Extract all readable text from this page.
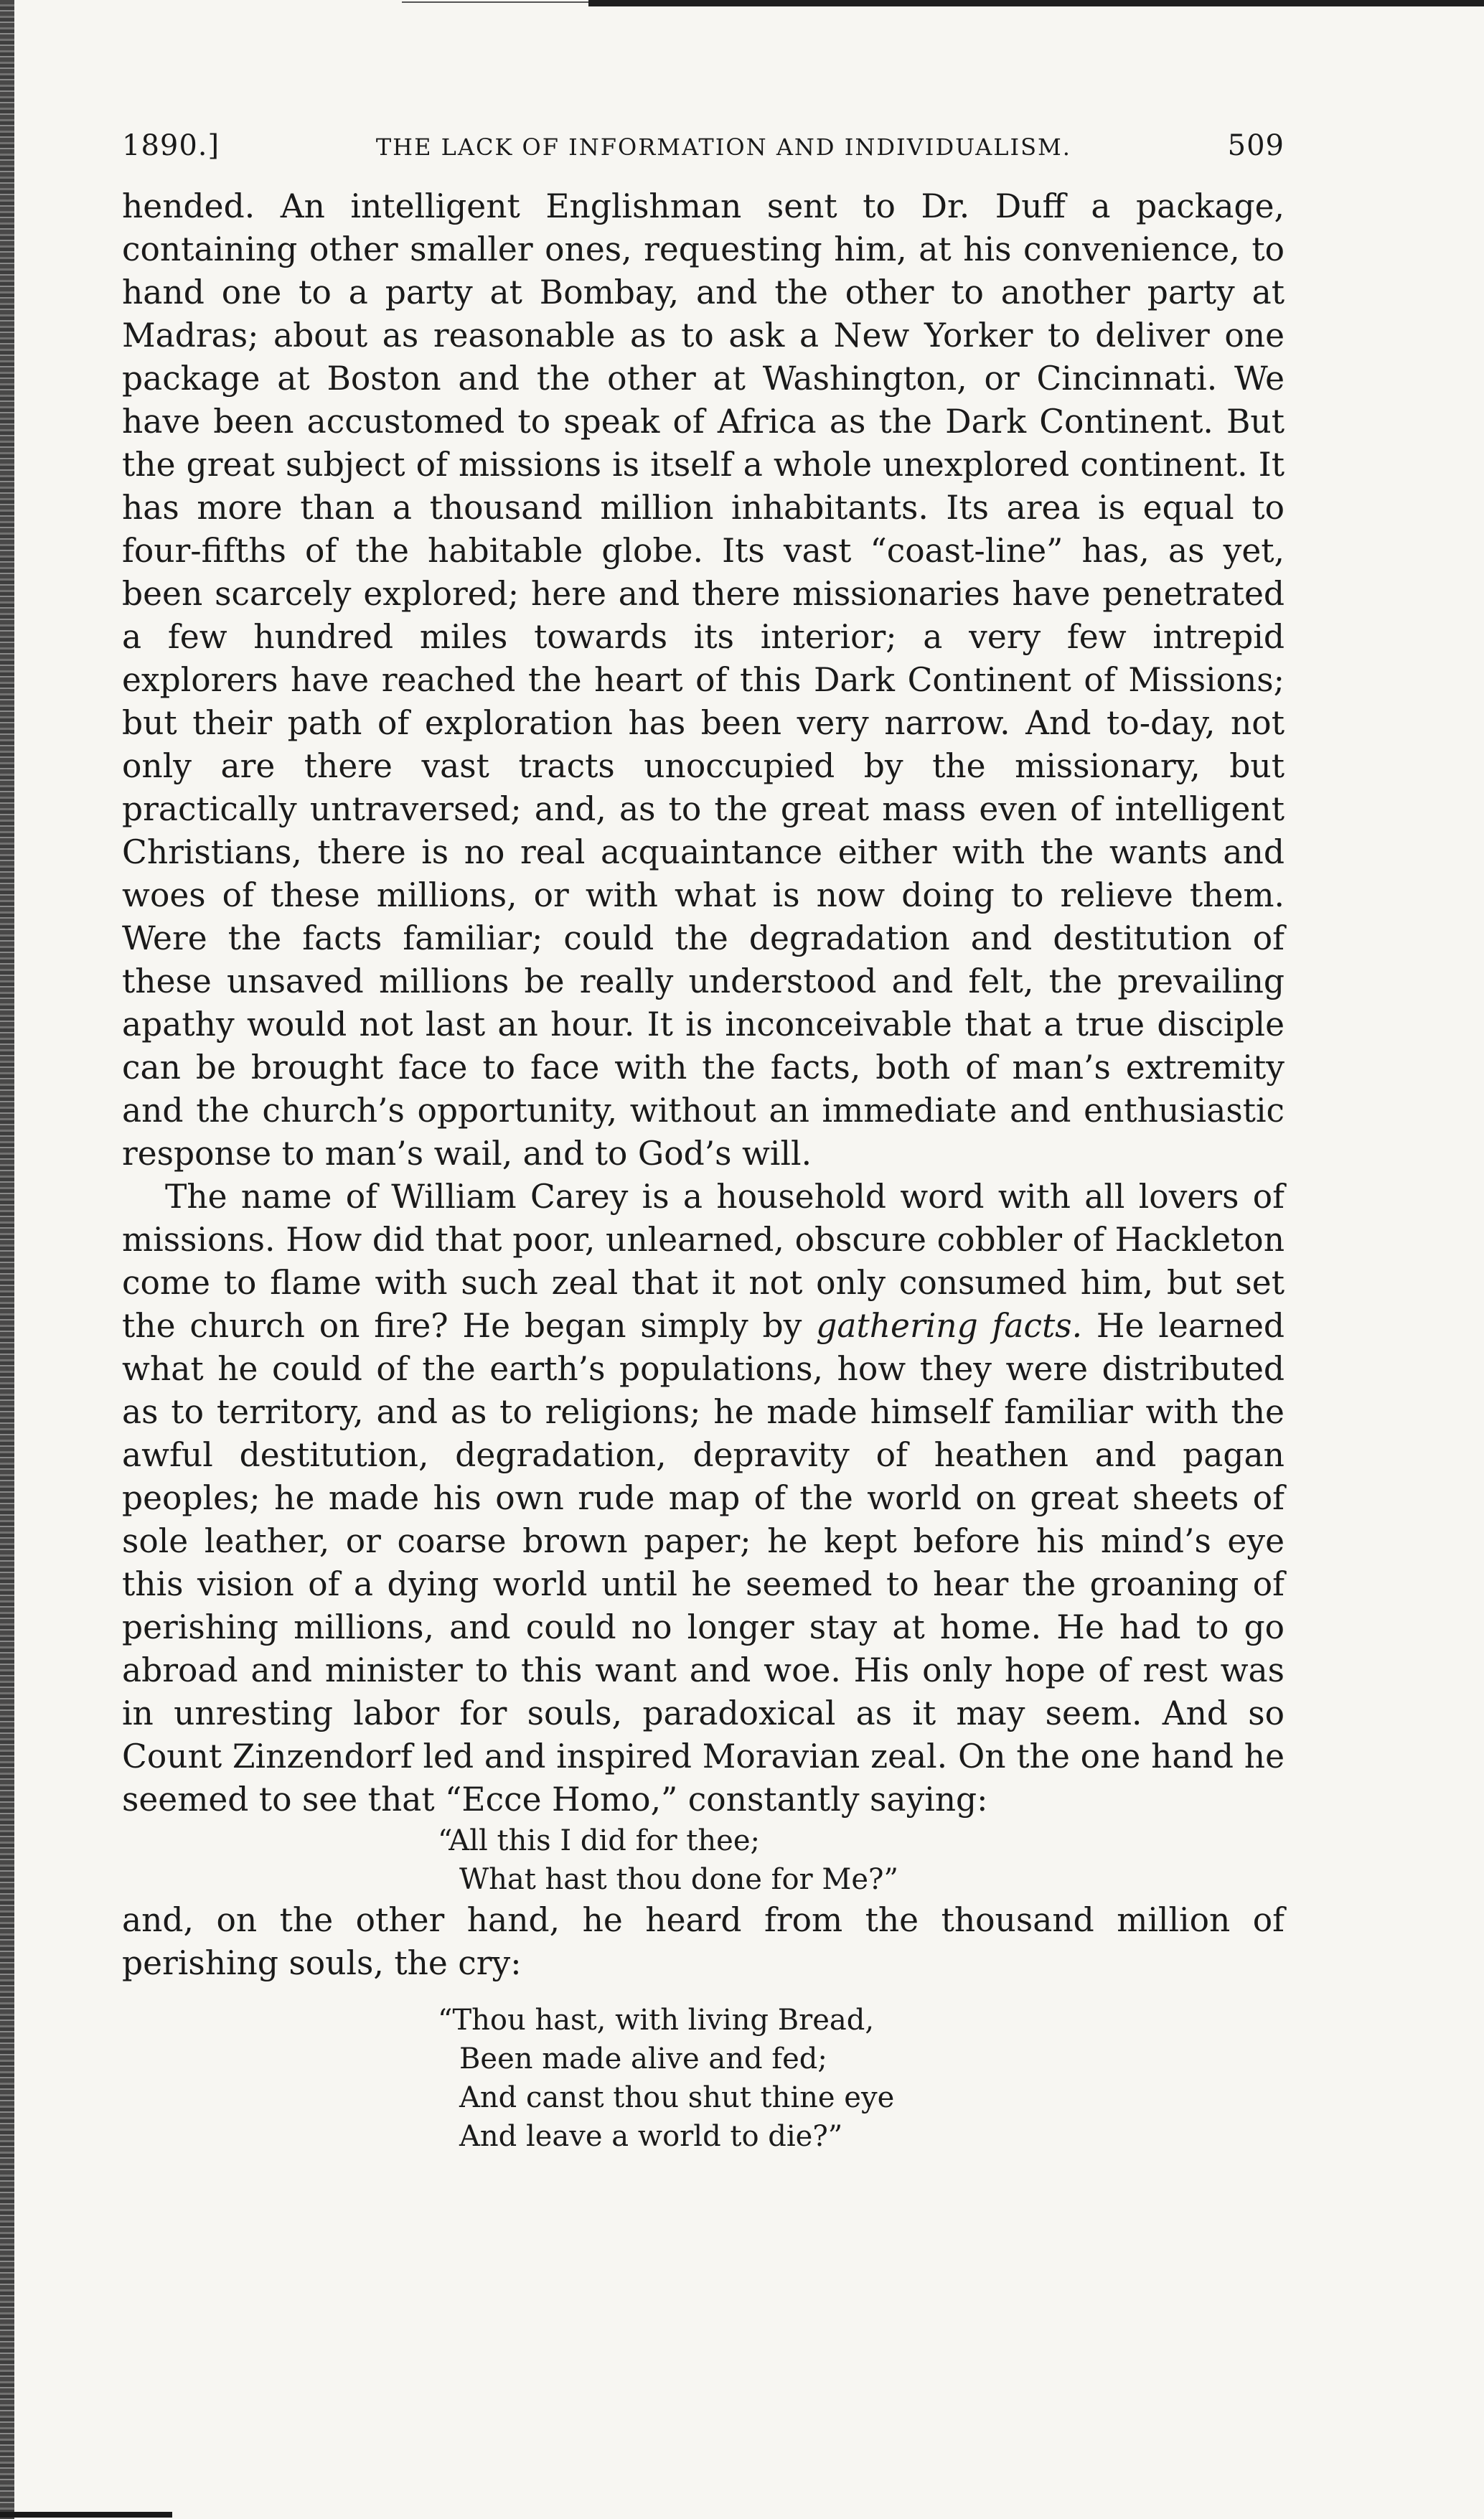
1890.]	THE LACK OF INFORMATION AND INDIVIDUALISM.	509

hended. An intelligent Englishman sent to Dr. Duff a package, containing other smaller ones, requesting him, at his convenience, to hand one to a party at Bombay, and the other to another party at Madras; about as reasonable as to ask a New Yorker to deliver one package at Boston and the other at Washington, or Cincinnati. We have been accustomed to speak of Africa as the Dark Continent. But the great subject of missions is itself a whole unexplored continent. It has more than a thousand million inhabitants. Its area is equal to four-fifths of the habitable globe. Its vast “coast-line” has, as yet, been scarcely explored; here and there missionaries have penetrated a few hundred miles towards its interior; a very few intrepid explorers have reached the heart of this Dark Continent of Missions; but their path of exploration has been very narrow. And to-day, not only are there vast tracts unoccupied by the missionary, but practically untraversed; and, as to the great mass even of intelligent Christians, there is no real acquaintance either with the wants and woes of these millions, or with what is now doing to relieve them. Were the facts familiar; could the degradation and destitution of these unsaved millions be really understood and felt, the prevailing apathy would not last an hour. It is inconceivable that a true disciple can be brought face to face with the facts, both of man’s extremity and the church’s opportunity, without an immediate and enthusiastic response to man’s wail, and to God’s will.

The name of William Carey is a household word with all lovers of missions. How did that poor, unlearned, obscure cobbler of Hackleton come to flame with such zeal that it not only consumed him, but set the church on fire? He began simply by gathering facts. He learned what he could of the earth’s populations, how they were distributed as to territory, and as to religions; he made himself familiar with the awful destitution, degradation, depravity of heathen and pagan peoples; he made his own rude map of the world on great sheets of sole leather, or coarse brown paper; he kept before his mind’s eye this vision of a dying world until he seemed to hear the groaning of perishing millions, and could no longer stay at home. He had to go abroad and minister to this want and woe. His only hope of rest was in unresting labor for souls, paradoxical as it may seem. And so Count Zinzendorf led and inspired Moravian zeal. On the one hand he seemed to see that “Ecce Homo,” constantly saying:

“All this I did for thee;
What hast thou done for Me?”

and, on the other hand, he heard from the thousand million of perishing souls, the cry:

“Thou hast, with living Bread,
Been made alive and fed;
And canst thou shut thine eye
And leave a world to die?”
